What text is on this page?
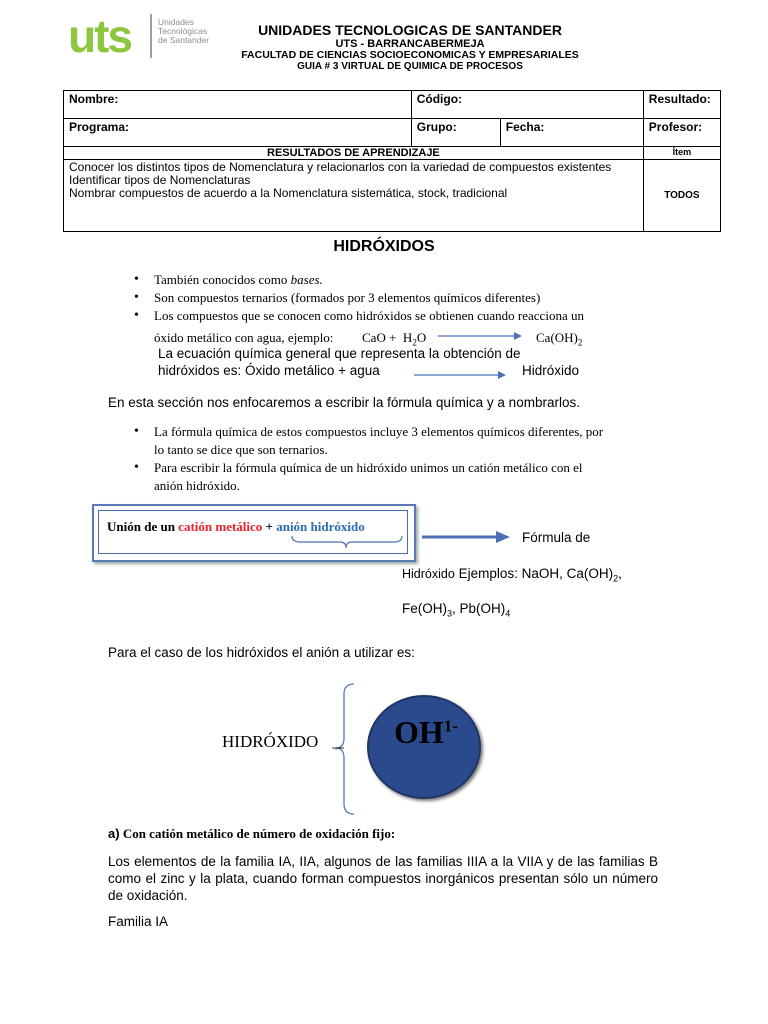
uts	Unidades
Tecnológicas
de Santander
UNIDADES TECNOLOGICAS DE SANTANDER
UTS - BARRANCABERMEJA
FACULTAD DE CIENCIAS SOCIOECONOMICAS Y EMPRESARIALES
GUIA # 3 VIRTUAL DE QUIMICA DE PROCESOS
Nombre:	Código:		Resultado:
Programa:	Grupo:	Fecha:	Profesor:
RESULTADOS DE APRENDIZAJE			Ítem

Conocer los distintos tipos de Nomenclatura y relacionarlos con la variedad de compuestos existentes
Identificar tipos de Nomenclaturas
Nombrar compuestos de acuerdo a la Nomenclatura sistemática, stock, tradicional			TODOS
HIDRÓXIDOS
• También conocidos como bases.
• Son compuestos ternarios (formados por 3 elementos químicos diferentes)
• Los compuestos que se conocen como hidróxidos se obtienen cuando reacciona un
óxido metálico con agua, ejemplo: CaO + $H_2O$	$Ca(OH)_2$
La ecuación química general que representa la obtención de
hidróxidos es: Óxido metálico + agua	Hidróxido
En esta sección nos enfocaremos a escribir la fórmula química y a nombrarlos.
• La fórmula química de estos compuestos incluye 3 elementos químicos diferentes, por
lo tanto se dice que son ternarios.
• Para escribir la fórmula química de un hidróxido unimos un catión metálico con el
anión hidróxido.
Unión de un catión metálico + anión hidróxido
Fórmula de
Hidróxido Ejemplos: NaOH, $Ca(OH)_2$,
$Fe(OH)_3$, $Pb(OH)_4$
Para el caso de los hidróxidos el anión a utilizar es:
HIDRÓXIDO $OH^{1-}$
a) Con catión metálico de número de oxidación fijo:
Los elementos de la familia IA, IIA, algunos de las familias IIIA a la VIIA y de las familias B como el zinc y la plata, cuando forman compuestos inorgánicos presentan sólo un número de oxidación.
Familia IA
